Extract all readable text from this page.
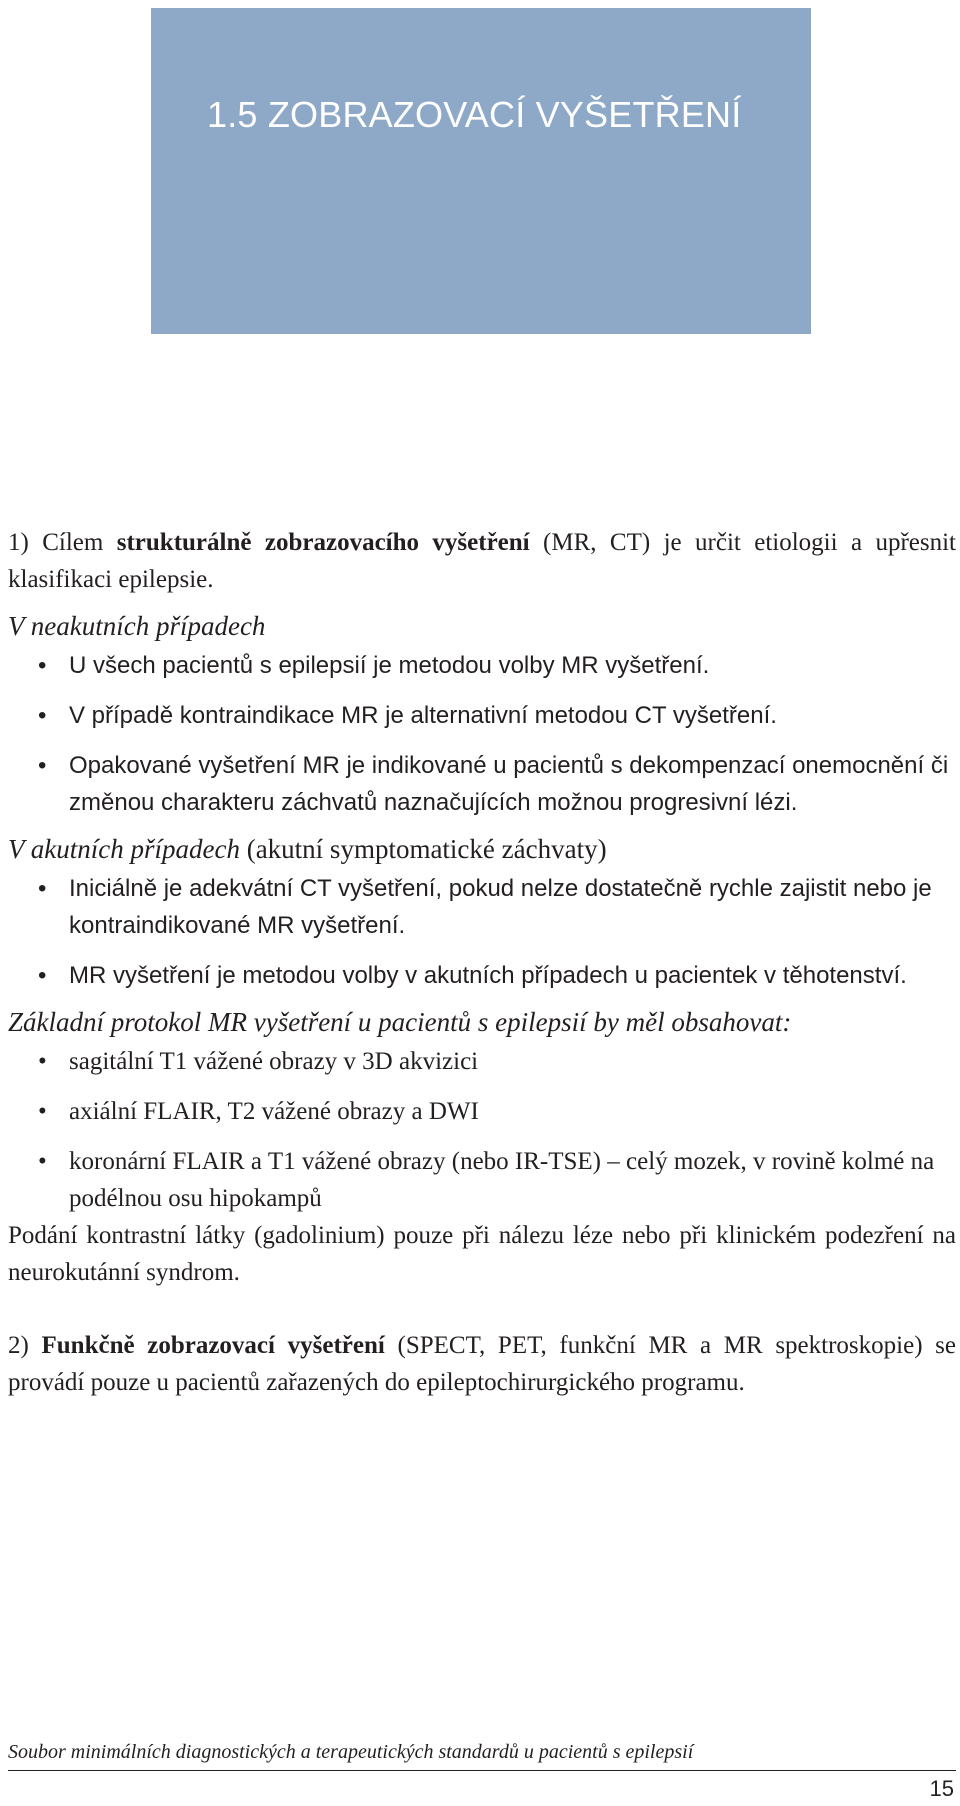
1.5 ZOBRAZOVACÍ VYŠETŘENÍ

1) Cílem strukturálně zobrazovacího vyšetření (MR, CT) je určit etiologii a upřesnit klasifikaci epilepsie.

V neakutních případech

• U všech pacientů s epilepsií je metodou volby MR vyšetření.
• V případě kontraindikace MR je alternativní metodou CT vyšetření.
• Opakované vyšetření MR je indikované u pacientů s dekompenzací onemocnění či změnou charakteru záchvatů naznačujících možnou progresivní lézi.

V akutních případech (akutní symptomatické záchvaty)

• Iniciálně je adekvátní CT vyšetření, pokud nelze dostatečně rychle zajistit nebo je kontraindikované MR vyšetření.
• MR vyšetření je metodou volby v akutních případech u pacientek v těhotenství.

Základní protokol MR vyšetření u pacientů s epilepsií by měl obsahovat:

• sagitální T1 vážené obrazy v 3D akvizici
• axiální FLAIR, T2 vážené obrazy a DWI
• koronární FLAIR a T1 vážené obrazy (nebo IR-TSE) – celý mozek, v rovině kolmé na podélnou osu hipokampů

Podání kontrastní látky (gadolinium) pouze při nálezu léze nebo při klinickém podezření na neurokutánní syndrom.

2) Funkčně zobrazovací vyšetření (SPECT, PET, funkční MR a MR spektroskopie) se provádí pouze u pacientů zařazených do epileptochirurgického programu.

Soubor minimálních diagnostických a terapeutických standardů u pacientů s epilepsií

15
